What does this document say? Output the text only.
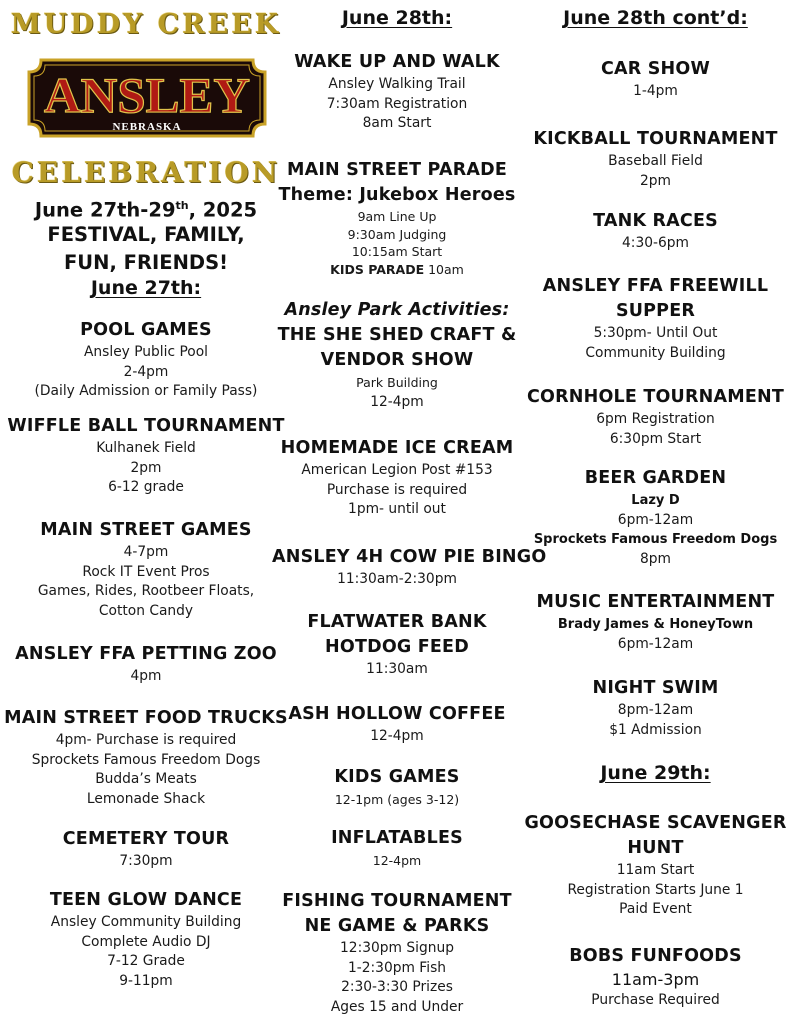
MUDDY CREEK
ANSLEY
NEBRASKA
CELEBRATION
June 27th-29th, 2025
FESTIVAL, FAMILY,
FUN, FRIENDS!
June 27th:
POOL GAMES
Ansley Public Pool
2-4pm
(Daily Admission or Family Pass)
WIFFLE BALL TOURNAMENT
Kulhanek Field
2pm
6-12 grade
MAIN STREET GAMES
4-7pm
Rock IT Event Pros
Games, Rides, Rootbeer Floats,
Cotton Candy
ANSLEY FFA PETTING ZOO
4pm
MAIN STREET FOOD TRUCKS
4pm- Purchase is required
Sprockets Famous Freedom Dogs
Budda’s Meats
Lemonade Shack
CEMETERY TOUR
7:30pm
TEEN GLOW DANCE
Ansley Community Building
Complete Audio DJ
7-12 Grade
9-11pm
June 28th:
WAKE UP AND WALK
Ansley Walking Trail
7:30am Registration
8am Start
MAIN STREET PARADE
Theme: Jukebox Heroes
9am Line Up
9:30am Judging
10:15am Start
KIDS PARADE 10am
Ansley Park Activities:
THE SHE SHED CRAFT &
VENDOR SHOW
Park Building
12-4pm
HOMEMADE ICE CREAM
American Legion Post #153
Purchase is required
1pm- until out
ANSLEY 4H COW PIE BINGO
11:30am-2:30pm
FLATWATER BANK
HOTDOG FEED
11:30am
ASH HOLLOW COFFEE
12-4pm
KIDS GAMES
12-1pm (ages 3-12)
INFLATABLES
12-4pm
FISHING TOURNAMENT
NE GAME & PARKS
12:30pm Signup
1-2:30pm Fish
2:30-3:30 Prizes
Ages 15 and Under
June 28th cont’d:
CAR SHOW
1-4pm
KICKBALL TOURNAMENT
Baseball Field
2pm
TANK RACES
4:30-6pm
ANSLEY FFA FREEWILL
SUPPER
5:30pm- Until Out
Community Building
CORNHOLE TOURNAMENT
6pm Registration
6:30pm Start
BEER GARDEN
Lazy D
6pm-12am
Sprockets Famous Freedom Dogs
8pm
MUSIC ENTERTAINMENT
Brady James & HoneyTown
6pm-12am
NIGHT SWIM
8pm-12am
$1 Admission
June 29th:
GOOSECHASE SCAVENGER
HUNT
11am Start
Registration Starts June 1
Paid Event
BOBS FUNFOODS
11am-3pm
Purchase Required
